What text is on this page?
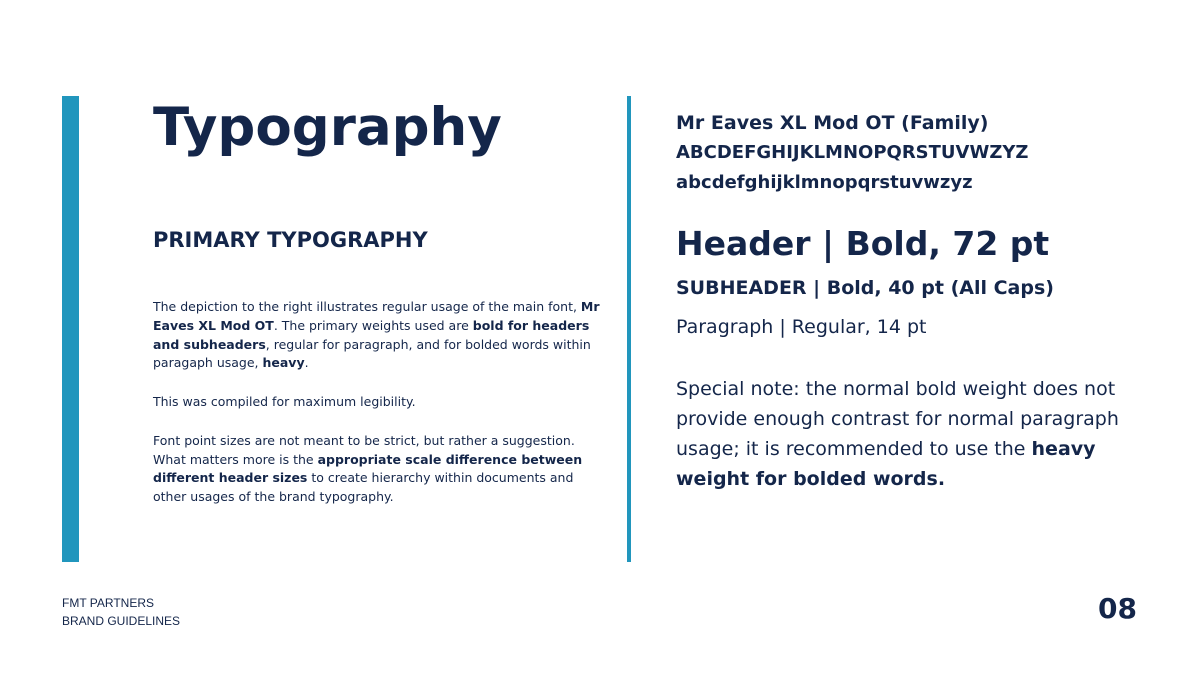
Typography
PRIMARY TYPOGRAPHY

The depiction to the right illustrates regular usage of the main font, Mr Eaves XL Mod OT. The primary weights used are bold for headers and subheaders, regular for paragraph, and for bolded words within paragaph usage, heavy.

This was compiled for maximum legibility.

Font point sizes are not meant to be strict, but rather a suggestion. What matters more is the appropriate scale difference between different header sizes to create hierarchy within documents and other usages of the brand typography.

Mr Eaves XL Mod OT (Family)
ABCDEFGHIJKLMNOPQRSTUVWZYZ
abcdefghijklmnopqrstuvwzyz
Header | Bold, 72 pt
SUBHEADER | Bold, 40 pt (All Caps)
Paragraph | Regular, 14 pt
Special note: the normal bold weight does not provide enough contrast for normal paragraph usage; it is recommended to use the heavy weight for bolded words.
FMT PARTNERS
BRAND GUIDELINES	08
